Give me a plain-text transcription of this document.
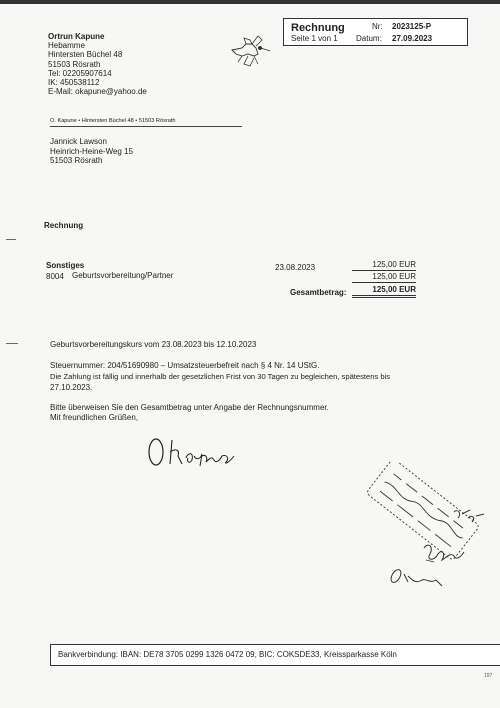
Rechnung
Seite 1 von 1
Nr: 2023125-P
Datum: 27.09.2023
Ortrun Kapune
Hebamme
Hintersten Büchel 48
51503 Rösrath
Tel: 02205907614
IK: 450538112
E-Mail: okapune@yahoo.de
O. Kapune • Hintersten Büchel 48 • 51503 Rösrath
Jannick Lawson
Heinrich-Heine-Weg 15
51503 Rösrath
Rechnung
Sonstiges
8004 Geburtsvorbereitung/Partner
23.08.2023	125,00 EUR
125,00 EUR
Gesamtbetrag:	125,00 EUR
Geburtsvorbereitungskurs vom 23.08.2023 bis 12.10.2023
Steuernummer: 204/51690980 – Umsatzsteuerbefreit nach § 4 Nr. 14 UStG.
Die Zahlung ist fällig und innerhalb der gesetzlichen Frist von 30 Tagen zu begleichen, spätestens bis
27.10.2023.
Bitte überweisen Sie den Gesamtbetrag unter Angabe der Rechnungsnummer.
Mit freundlichen Grüßen,
Bankverbindung: IBAN: DE78 3705 0299 1326 0472 09, BIC: COKSDE33, Kreissparkasse Köln
197
